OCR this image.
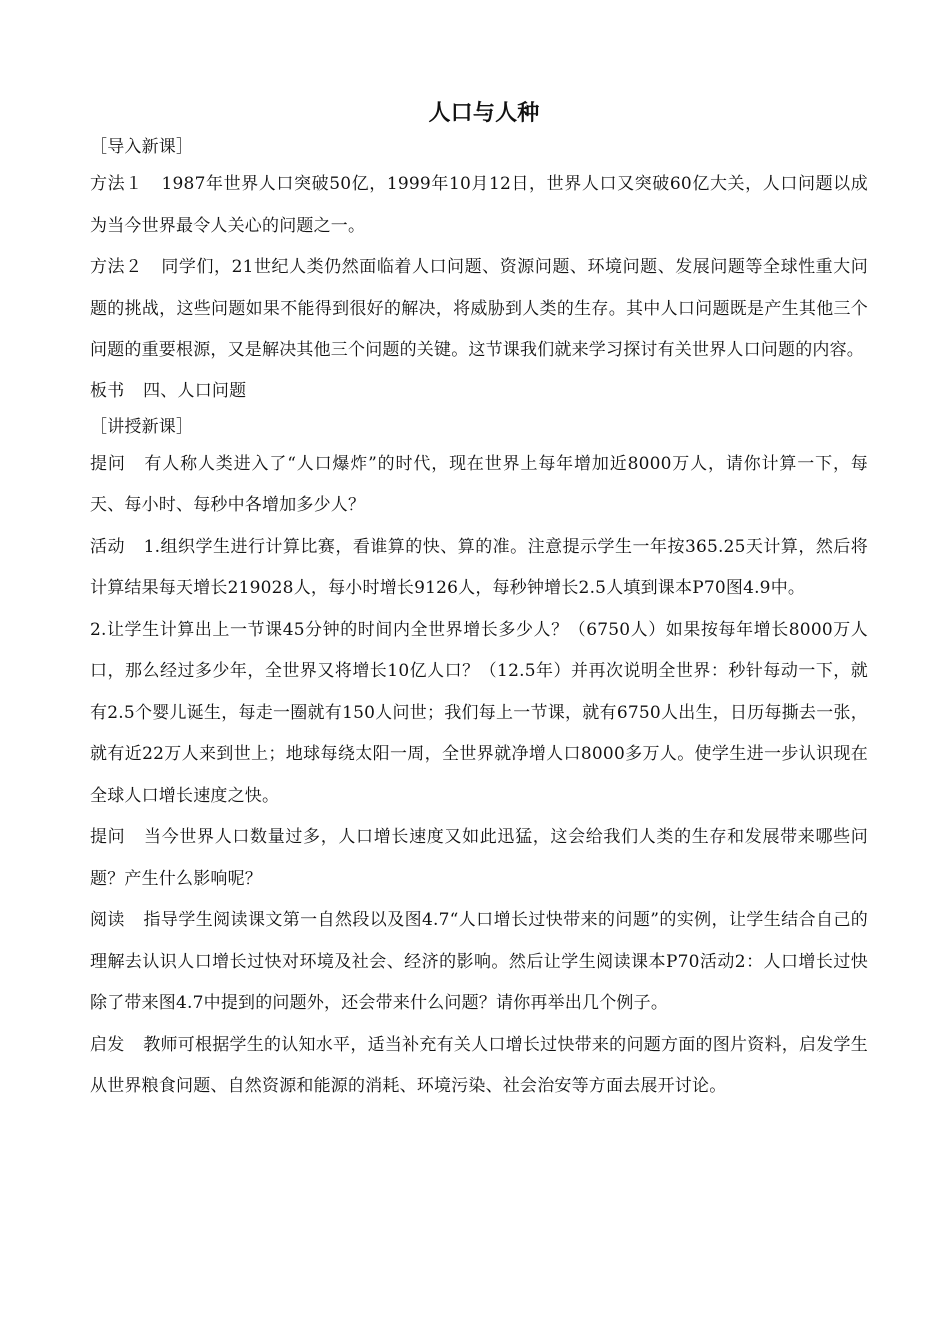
人口与人种

［导入新课］

方法１ 1987年世界人口突破50亿，1999年10月12日，世界人口又突破60亿大关，人口问题以成为当今世界最令人关心的问题之一。

方法２ 同学们，21世纪人类仍然面临着人口问题、资源问题、环境问题、发展问题等全球性重大问题的挑战，这些问题如果不能得到很好的解决，将威胁到人类的生存。其中人口问题既是产生其他三个问题的重要根源，又是解决其他三个问题的关键。这节课我们就来学习探讨有关世界人口问题的内容。

板书 四、人口问题

［讲授新课］

提问 有人称人类进入了“人口爆炸”的时代，现在世界上每年增加近8000万人，请你计算一下，每天、每小时、每秒中各增加多少人？

活动 1.组织学生进行计算比赛，看谁算的快、算的准。注意提示学生一年按365.25天计算，然后将计算结果每天增长219028人，每小时增长9126人，每秒钟增长2.5人填到课本P70图4.9中。

2.让学生计算出上一节课45分钟的时间内全世界增长多少人？（6750人）如果按每年增长8000万人口，那么经过多少年，全世界又将增长10亿人口？（12.5年）并再次说明全世界：秒针每动一下，就有2.5个婴儿诞生，每走一圈就有150人问世；我们每上一节课，就有6750人出生，日历每撕去一张，就有近22万人来到世上；地球每绕太阳一周，全世界就净增人口8000多万人。使学生进一步认识现在全球人口增长速度之快。

提问 当今世界人口数量过多，人口增长速度又如此迅猛，这会给我们人类的生存和发展带来哪些问题？产生什么影响呢？

阅读 指导学生阅读课文第一自然段以及图4.7“人口增长过快带来的问题”的实例，让学生结合自己的理解去认识人口增长过快对环境及社会、经济的影响。然后让学生阅读课本P70活动2：人口增长过快除了带来图4.7中提到的问题外，还会带来什么问题？请你再举出几个例子。

启发 教师可根据学生的认知水平，适当补充有关人口增长过快带来的问题方面的图片资料，启发学生从世界粮食问题、自然资源和能源的消耗、环境污染、社会治安等方面去展开讨论。
